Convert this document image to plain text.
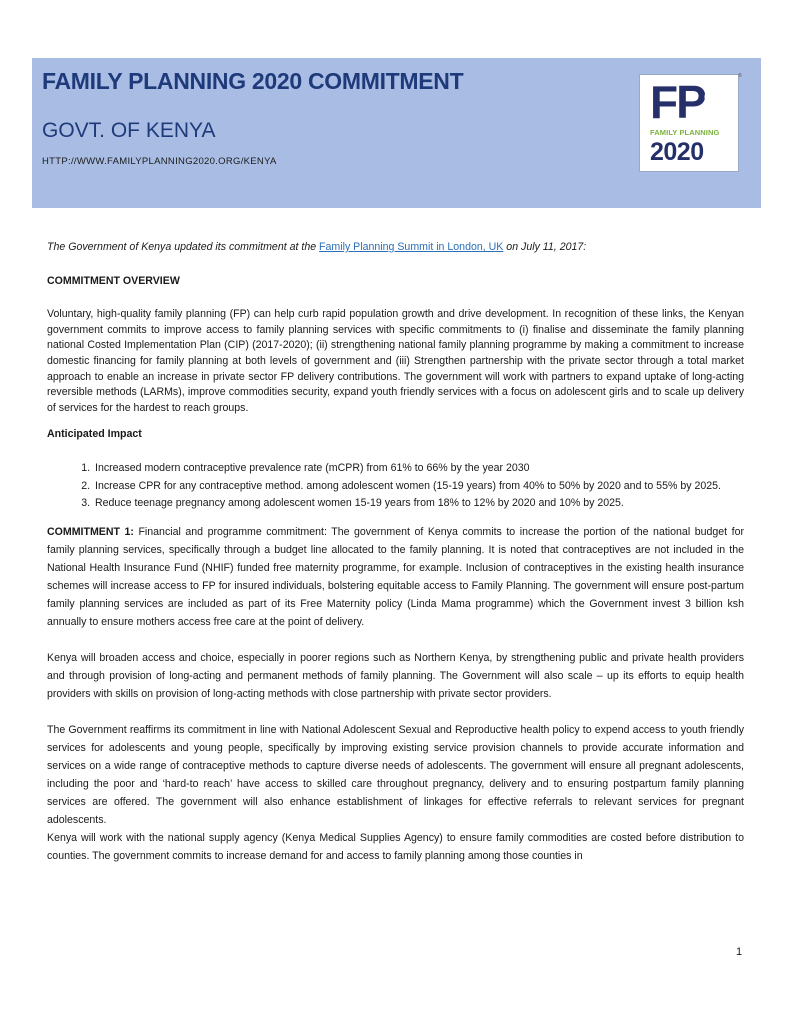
FAMILY PLANNING 2020 COMMITMENT
GOVT. OF KENYA
HTTP://WWW.FAMILYPLANNING2020.ORG/KENYA
FP
FAMILY PLANNING
2020
®

The Government of Kenya updated its commitment at the Family Planning Summit in London, UK on July 11, 2017:

COMMITMENT OVERVIEW

Voluntary, high-quality family planning (FP) can help curb rapid population growth and drive development. In recognition of these links, the Kenyan government commits to improve access to family planning services with specific commitments to (i) finalise and disseminate the family planning national Costed Implementation Plan (CIP) (2017-2020); (ii) strengthening national family planning programme by making a commitment to increase domestic financing for family planning at both levels of government and (iii) Strengthen partnership with the private sector through a total market approach to enable an increase in private sector FP delivery contributions. The government will work with partners to expand uptake of long-acting reversible methods (LARMs), improve commodities security, expand youth friendly services with a focus on adolescent girls and to scale up delivery of services for the hardest to reach groups.

Anticipated Impact

1. Increased modern contraceptive prevalence rate (mCPR) from 61% to 66% by the year 2030
2. Increase CPR for any contraceptive method. among adolescent women (15-19 years) from 40% to 50% by 2020 and to 55% by 2025.
3. Reduce teenage pregnancy among adolescent women 15-19 years from 18% to 12% by 2020 and 10% by 2025.

COMMITMENT 1: Financial and programme commitment: The government of Kenya commits to increase the portion of the national budget for family planning services, specifically through a budget line allocated to the family planning. It is noted that contraceptives are not included in the National Health Insurance Fund (NHIF) funded free maternity programme, for example. Inclusion of contraceptives in the existing health insurance schemes will increase access to FP for insured individuals, bolstering equitable access to Family Planning. The government will ensure post-partum family planning services are included as part of its Free Maternity policy (Linda Mama programme) which the Government invest 3 billion ksh annually to ensure mothers access free care at the point of delivery.

Kenya will broaden access and choice, especially in poorer regions such as Northern Kenya, by strengthening public and private health providers and through provision of long-acting and permanent methods of family planning. The Government will also scale – up its efforts to equip health providers with skills on provision of long-acting methods with close partnership with private sector providers.

The Government reaffirms its commitment in line with National Adolescent Sexual and Reproductive health policy to expend access to youth friendly services for adolescents and young people, specifically by improving existing service provision channels to provide accurate information and services on a wide range of contraceptive methods to capture diverse needs of adolescents. The government will ensure all pregnant adolescents, including the poor and ‘hard-to reach’ have access to skilled care throughout pregnancy, delivery and to ensuring postpartum family planning services are offered. The government will also enhance establishment of linkages for effective referrals to relevant services for pregnant adolescents.

Kenya will work with the national supply agency (Kenya Medical Supplies Agency) to ensure family commodities are costed before distribution to counties. The government commits to increase demand for and access to family planning among those counties in

1
